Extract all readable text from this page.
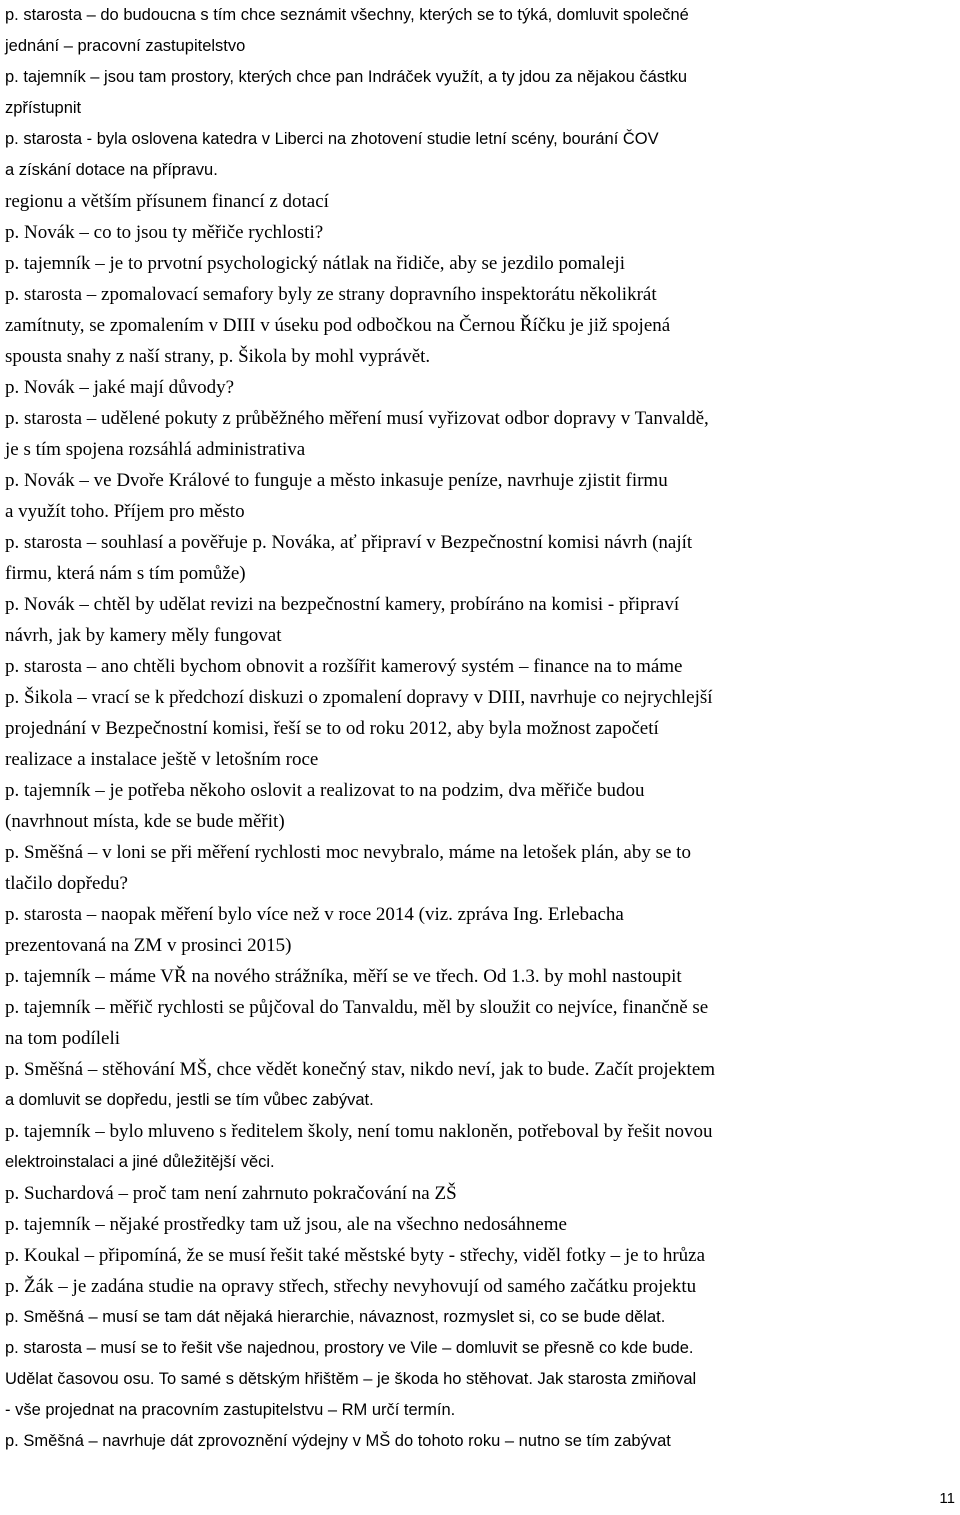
p. starosta – do budoucna s tím chce seznámit všechny, kterých se to týká, domluvit společné
jednání – pracovní zastupitelstvo
p. tajemník – jsou tam prostory, kterých chce pan Indráček využít, a ty jdou za nějakou částku
zpřístupnit
p. starosta - byla oslovena katedra v Liberci na zhotovení studie letní scény, bourání ČOV
a získání dotace na přípravu.
regionu a větším přísunem financí z dotací
p. Novák – co to jsou ty měřiče rychlosti?
p. tajemník – je to prvotní psychologický nátlak na řidiče, aby se jezdilo pomaleji
p. starosta – zpomalovací semafory byly ze strany dopravního inspektorátu několikrát
zamítnuty, se zpomalením v DIII v úseku pod odbočkou na Černou Říčku je již spojená
spousta snahy z naší strany, p. Šikola by mohl vyprávět.
p. Novák – jaké mají důvody?
p. starosta – udělené pokuty z průběžného měření musí vyřizovat odbor dopravy v Tanvaldě,
je s tím spojena rozsáhlá administrativa
p. Novák – ve Dvoře Králové to funguje a město inkasuje peníze, navrhuje zjistit firmu
a využít toho. Příjem pro město
p. starosta – souhlasí a pověřuje p. Nováka, ať připraví v Bezpečnostní komisi návrh (najít
firmu, která nám s tím pomůže)
p. Novák – chtěl by udělat revizi na bezpečnostní kamery, probíráno na komisi - připraví
návrh, jak by kamery měly fungovat
p. starosta – ano chtěli bychom obnovit a rozšířit kamerový systém – finance na to máme
p. Šikola – vrací se k předchozí diskuzi o zpomalení dopravy v DIII, navrhuje co nejrychlejší
projednání v Bezpečnostní komisi, řeší se to od roku 2012, aby byla možnost započetí
realizace a instalace ještě v letošním roce
p. tajemník – je potřeba někoho oslovit a realizovat to na podzim, dva měřiče budou
(navrhnout místa, kde se bude měřit)
p. Směšná – v loni se při měření rychlosti moc nevybralo, máme na letošek plán, aby se to
tlačilo dopředu?
p. starosta – naopak měření bylo více než v roce 2014 (viz. zpráva Ing. Erlebacha
prezentovaná na ZM v prosinci 2015)
p. tajemník – máme VŘ na nového strážníka, měří se ve třech. Od 1.3. by mohl nastoupit
p. tajemník – měřič rychlosti se půjčoval do Tanvaldu, měl by sloužit co nejvíce, finančně se
na tom podíleli
p. Směšná – stěhování MŠ, chce vědět konečný stav, nikdo neví, jak to bude. Začít projektem
a domluvit se dopředu, jestli se tím vůbec zabývat.
p. tajemník – bylo mluveno s ředitelem školy, není tomu nakloněn, potřeboval by řešit novou
elektroinstalaci a jiné důležitější věci.
p. Suchardová – proč tam není zahrnuto pokračování na ZŠ
p. tajemník – nějaké prostředky tam už jsou, ale na všechno nedosáhneme
p. Koukal – připomíná, že se musí řešit také městské byty - střechy, viděl fotky – je to hrůza
p. Žák – je zadána studie na opravy střech, střechy nevyhovují od samého začátku projektu
p. Směšná – musí se tam dát nějaká hierarchie, návaznost, rozmyslet si, co se bude dělat.
p. starosta – musí se to řešit vše najednou, prostory ve Vile – domluvit se přesně co kde bude.
Udělat časovou osu. To samé s dětským hřištěm – je škoda ho stěhovat. Jak starosta zmiňoval
- vše projednat na pracovním zastupitelstvu – RM určí termín.
p. Směšná – navrhuje dát zprovoznění výdejny v MŠ do tohoto roku – nutno se tím zabývat
11
